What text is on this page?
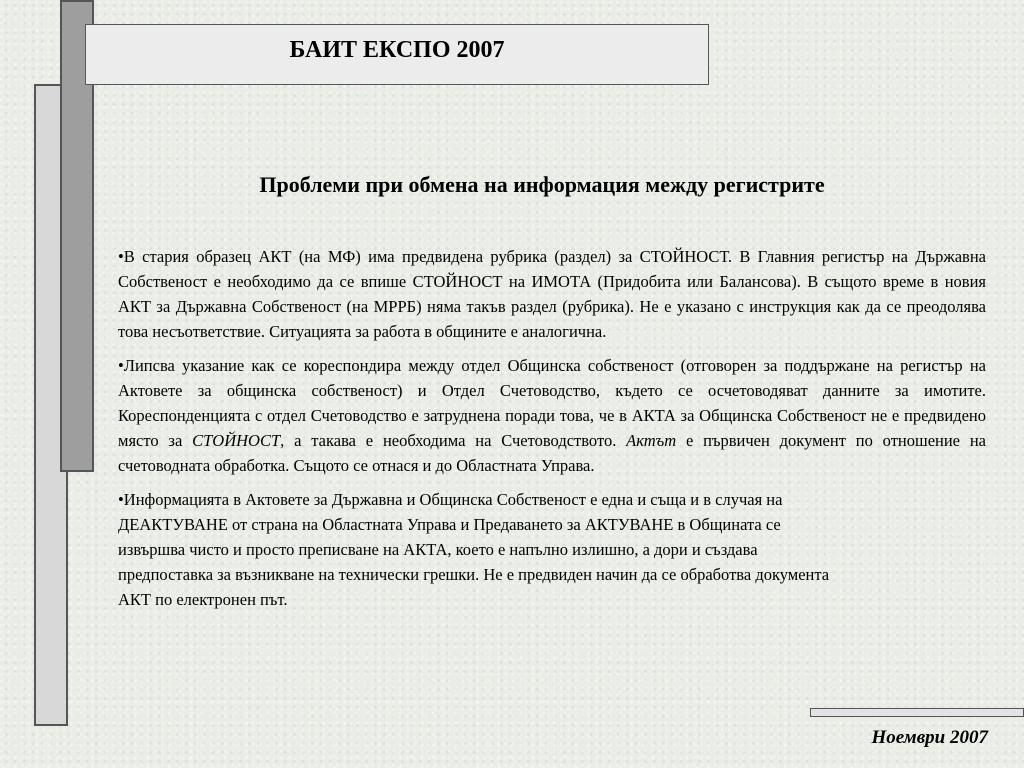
БАИТ ЕКСПО 2007
Проблеми при обмена на информация между регистрите

•В стария образец АКТ (на МФ) има предвидена рубрика (раздел) за СТОЙНОСТ. В Главния регистър на Държавна Собственост е необходимо да се впише СТОЙНОСТ на ИМОТА (Придобита или Балансова). В същото време в новия АКТ за Държавна Собственост (на МРРБ) няма такъв раздел (рубрика). Не е указано с инструкция как да се преодолява това несъответствие. Ситуацията за работа в общините е аналогична.

•Липсва указание как се кореспондира между отдел Общинска собственост (отговорен за поддържане на регистър на Актовете за общинска собственост) и Отдел Счетоводство, където се осчетоводяват данните за имотите. Кореспонденцията с отдел Счетоводство е затруднена поради това, че в АКТА за Общинска Собственост не е предвидено място за СТОЙНОСТ, а такава е необходима на Счетоводството. Актът е първичен документ по отношение на счетоводната обработка. Същото се отнася и до Областната Управа.

•Информацията в Актовете за Държавна и Общинска Собственост е една и съща и в случая на
ДЕАКТУВАНЕ от страна на Областната Управа и Предаването за АКТУВАНЕ в Общината се
извършва чисто и просто преписване на АКТА, което е напълно излишно, а дори и създава
предпоставка за възникване на технически грешки. Не е предвиден начин да се обработва документа
АКТ по електронен път.

Ноември 2007
